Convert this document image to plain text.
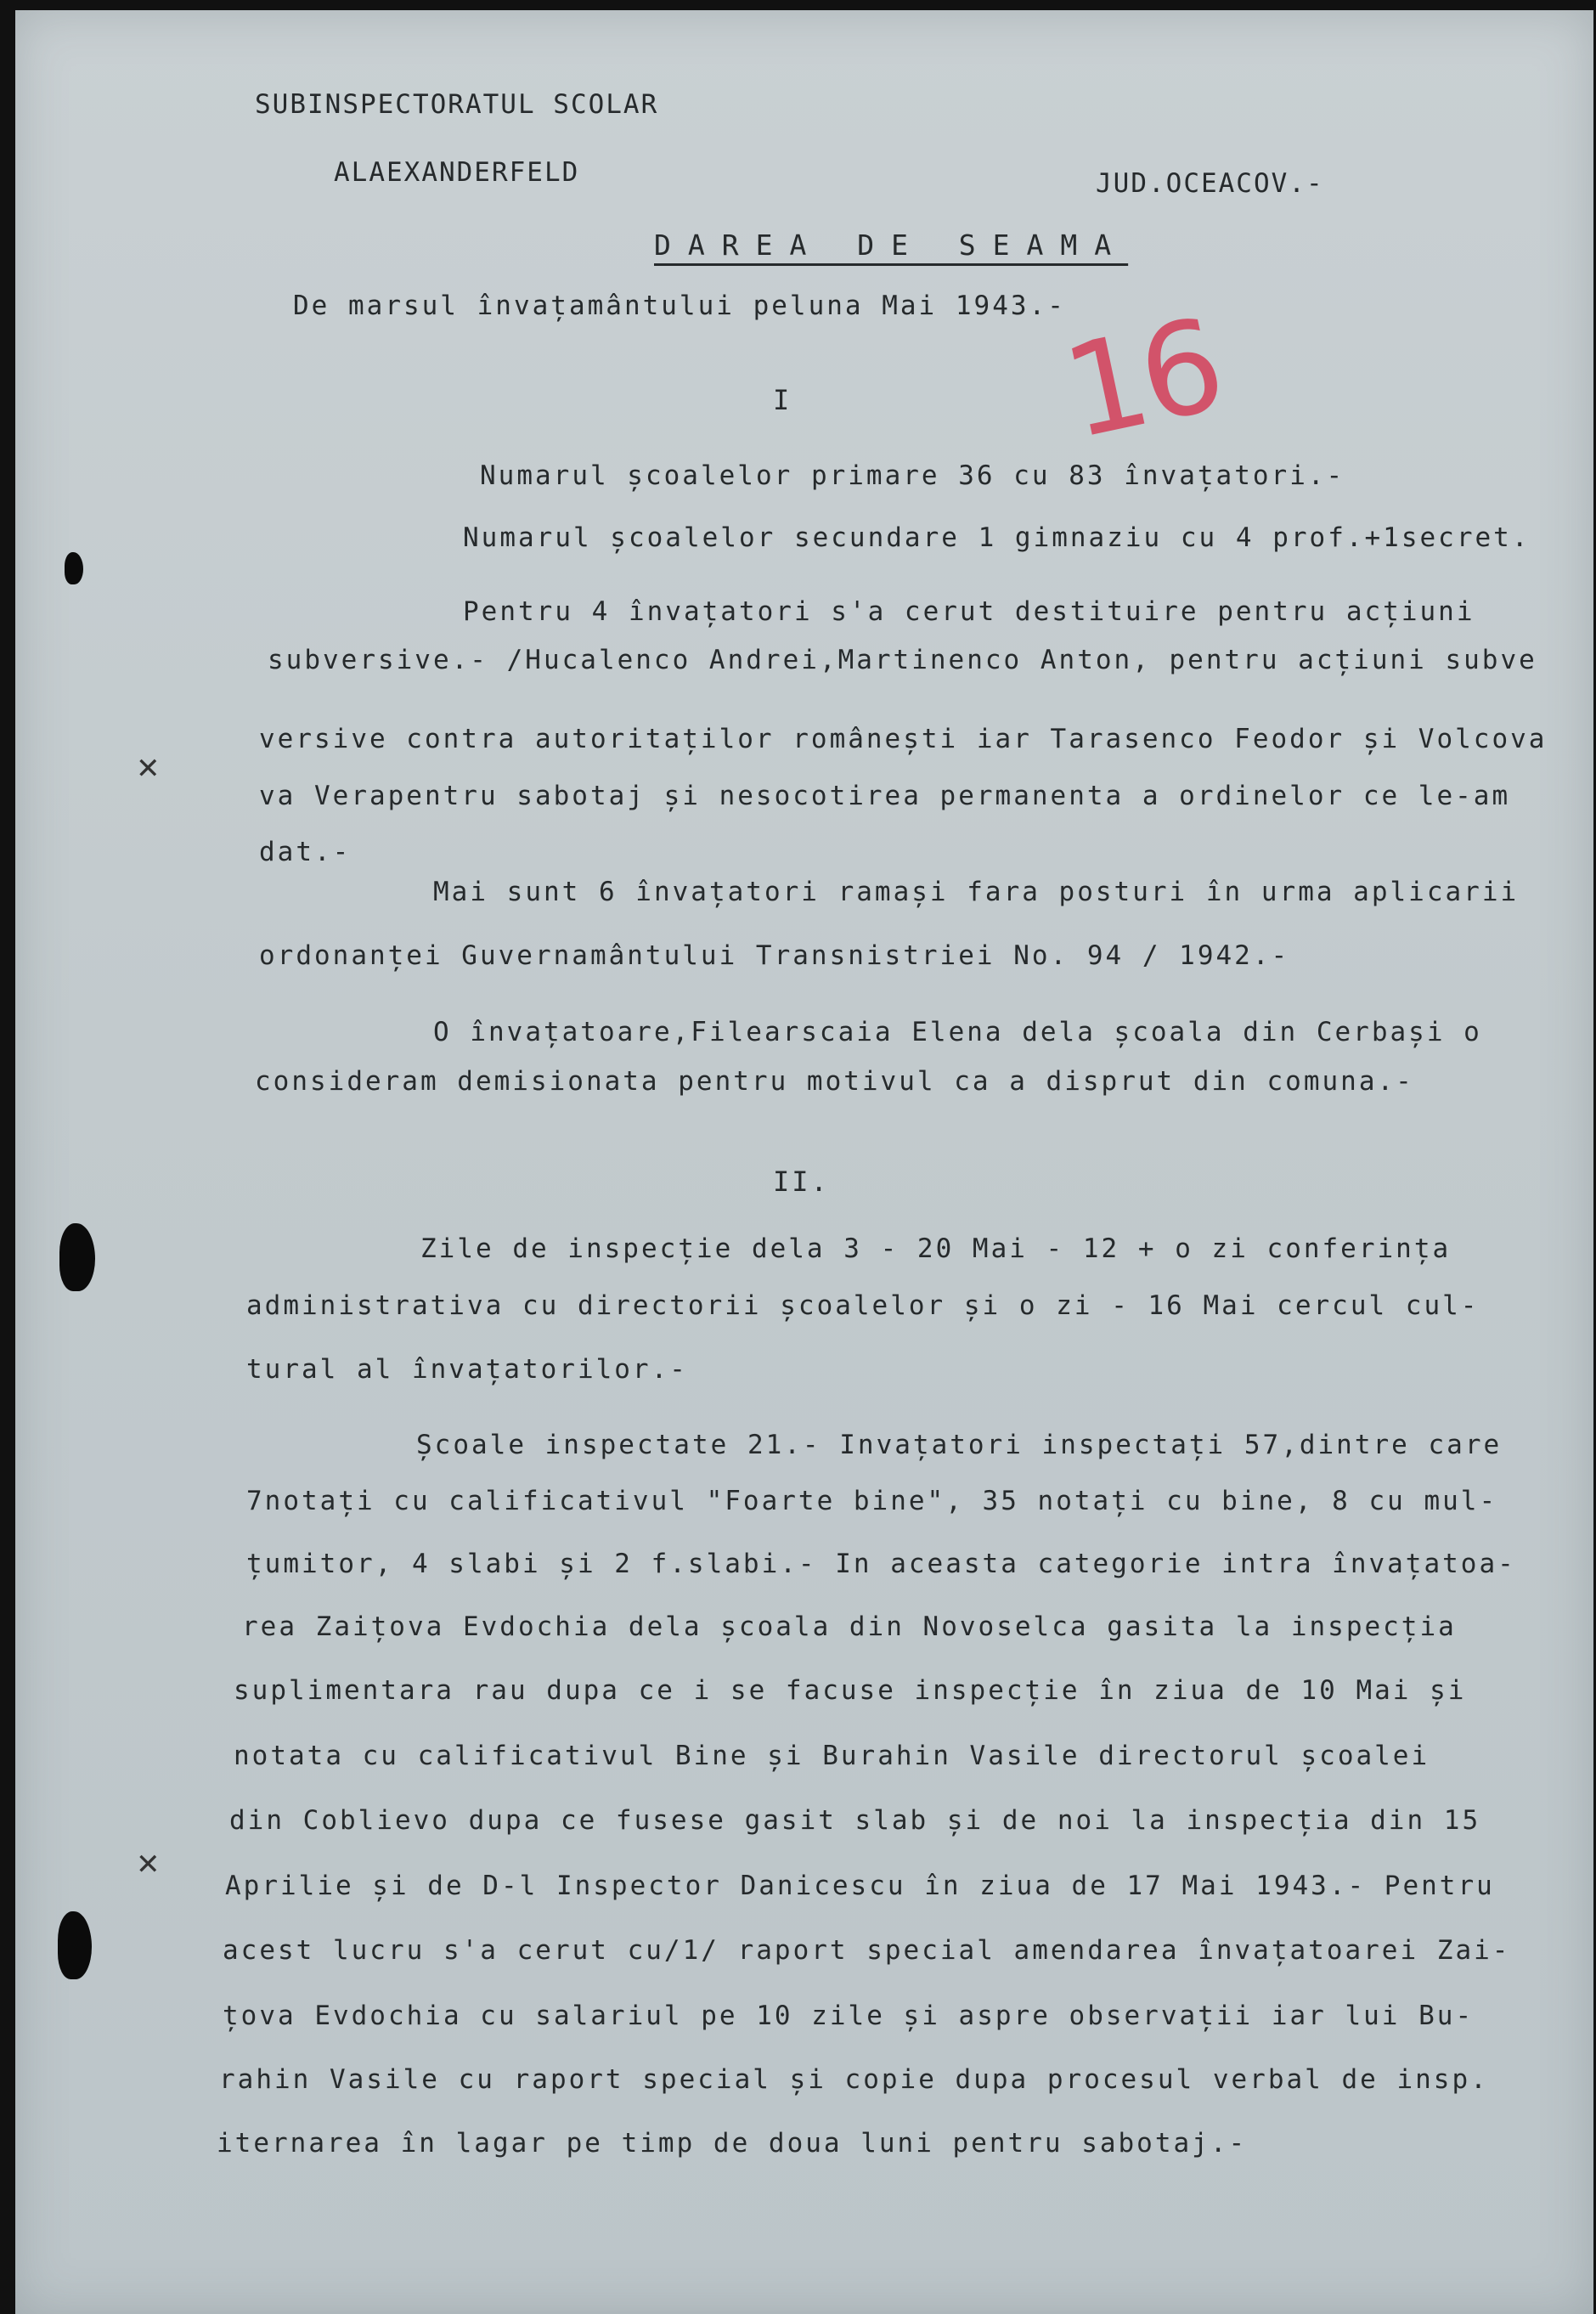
✕
✕
SUBINSPECTORATUL SCOLAR
ALAEXANDERFELD	JUD.OCEACOV.-
DAREA DE SEAMA
De marsul învațamântului peluna Mai 1943.-
16
I
Numarul școalelor primare 36 cu 83 învațatori.-
Numarul școalelor secundare 1 gimnaziu cu 4 prof.+1secret.
Pentru 4 învațatori s'a cerut destituire pentru acțiuni
subversive.- /Hucalenco Andrei,Martinenco Anton, pentru acțiuni subve
versive contra autoritaților românești iar Tarasenco Feodor și Volcova
va Verapentru sabotaj și nesocotirea permanenta a ordinelor ce le-am
dat.-
Mai sunt 6 învațatori ramași fara posturi în urma aplicarii
ordonanței Guvernamântului Transnistriei No. 94 / 1942.-
O învațatoare,Filearscaia Elena dela școala din Cerbași o
consideram demisionata pentru motivul ca a disprut din comuna.-
II.
Zile de inspecție dela 3 - 20 Mai - 12 + o zi conferința
administrativa cu directorii școalelor și o zi - 16 Mai cercul cul-
tural al învațatorilor.-
Școale inspectate 21.- Invațatori inspectați 57,dintre care
7notați cu calificativul "Foarte bine", 35 notați cu bine, 8 cu mul-
țumitor, 4 slabi și 2 f.slabi.- In aceasta categorie intra învațatoa-
rea Zaițova Evdochia dela școala din Novoselca gasita la inspecția
suplimentara rau dupa ce i se facuse inspecție în ziua de 10 Mai și
notata cu calificativul Bine și Burahin Vasile directorul școalei
din Coblievo dupa ce fusese gasit slab și de noi la inspecția din 15
Aprilie și de D-l Inspector Danicescu în ziua de 17 Mai 1943.- Pentru
acest lucru s'a cerut cu/1/ raport special amendarea învațatoarei Zai-
țova Evdochia cu salariul pe 10 zile și aspre observații iar lui Bu-
rahin Vasile cu raport special și copie dupa procesul verbal de insp.
iternarea în lagar pe timp de doua luni pentru sabotaj.-
